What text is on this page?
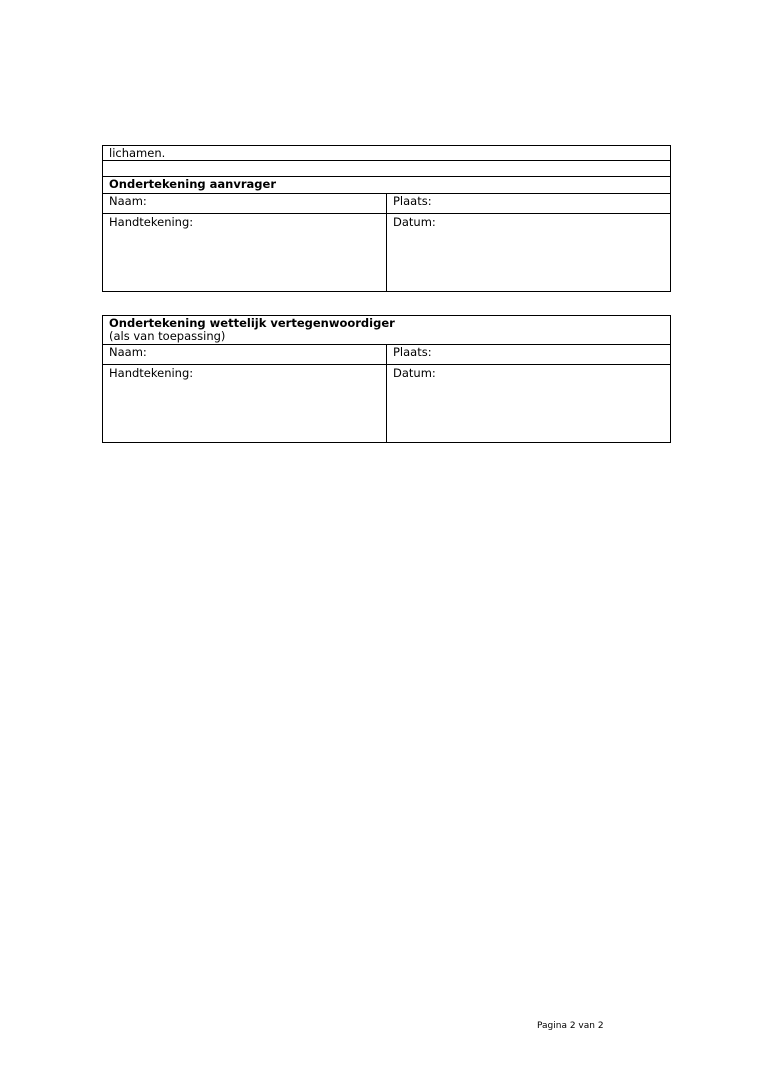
lichamen.	

Ondertekening aanvrager	
Naam:	Plaats:
Handtekening:	Datum:
Ondertekening wettelijk vertegenwoordiger
(als van toepassing)	

Naam:	Plaats:
Handtekening:	Datum:
Pagina 2 van 2
